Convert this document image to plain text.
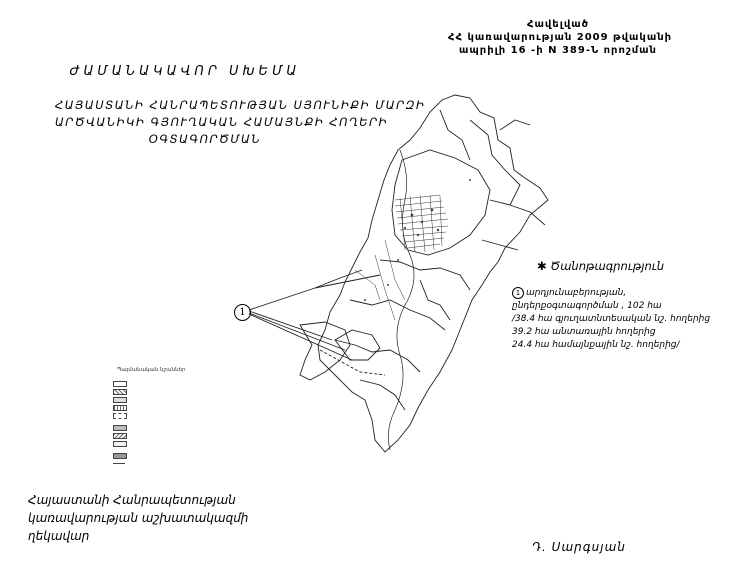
Հավելված
ՀՀ կառավարության 2009 թվականի
ապրիլի 16 -ի N 389-Ն որոշման
ԺԱՄԱՆԱԿԱՎՈՐ ՍԽԵՄԱ
ՀԱՅԱՍՏԱՆԻ ՀԱՆՐԱՊԵՏՈՒԹՅԱՆ ՍՅՈՒՆԻՔԻ ՄԱՐԶԻ
ԱՐԾՎԱՆԻԿԻ ԳՅՈՒՂԱԿԱՆ ՀԱՄԱՅՆՔԻ ՀՈՂԵՐԻ
ՕԳՏԱԳՈՐԾՄԱՆ
1
Պայմանական նշաններ
✱ Ծանոթագրություն
1 արդյունաբերության,
ընդերքօգտագործման , 102 հա
/38.4 հա գյուղատնտեսական նշ. հողերից
39.2 հա անտառային հողերից
24.4 հա համայնքային նշ. հողերից/
Հայաստանի Հանրապետության
կառավարության աշխատակազմի
ղեկավար
Դ. Սարգսյան
